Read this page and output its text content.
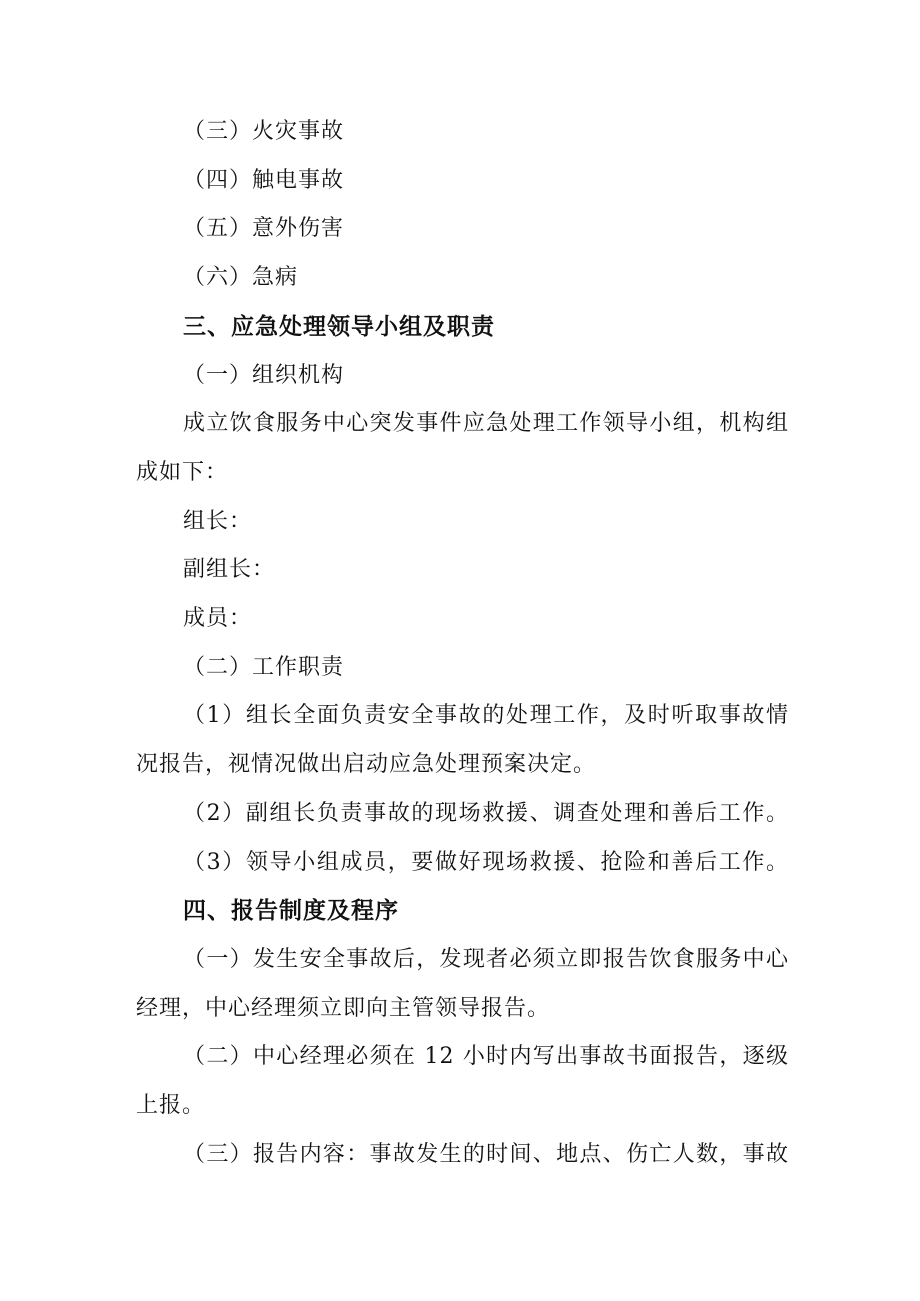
（三）火灾事故
（四）触电事故
（五）意外伤害
（六）急病
三、应急处理领导小组及职责
（一）组织机构
成立饮食服务中心突发事件应急处理工作领导小组，机构组
成如下：
组长：
副组长：
成员：
（二）工作职责
（1）组长全面负责安全事故的处理工作，及时听取事故情
况报告，视情况做出启动应急处理预案决定。
（2）副组长负责事故的现场救援、调查处理和善后工作。
（3）领导小组成员，要做好现场救援、抢险和善后工作。
四、报告制度及程序
（一）发生安全事故后，发现者必须立即报告饮食服务中心
经理，中心经理须立即向主管领导报告。
（二）中心经理必须在 12 小时内写出事故书面报告，逐级
上报。
（三）报告内容：事故发生的时间、地点、伤亡人数，事故
